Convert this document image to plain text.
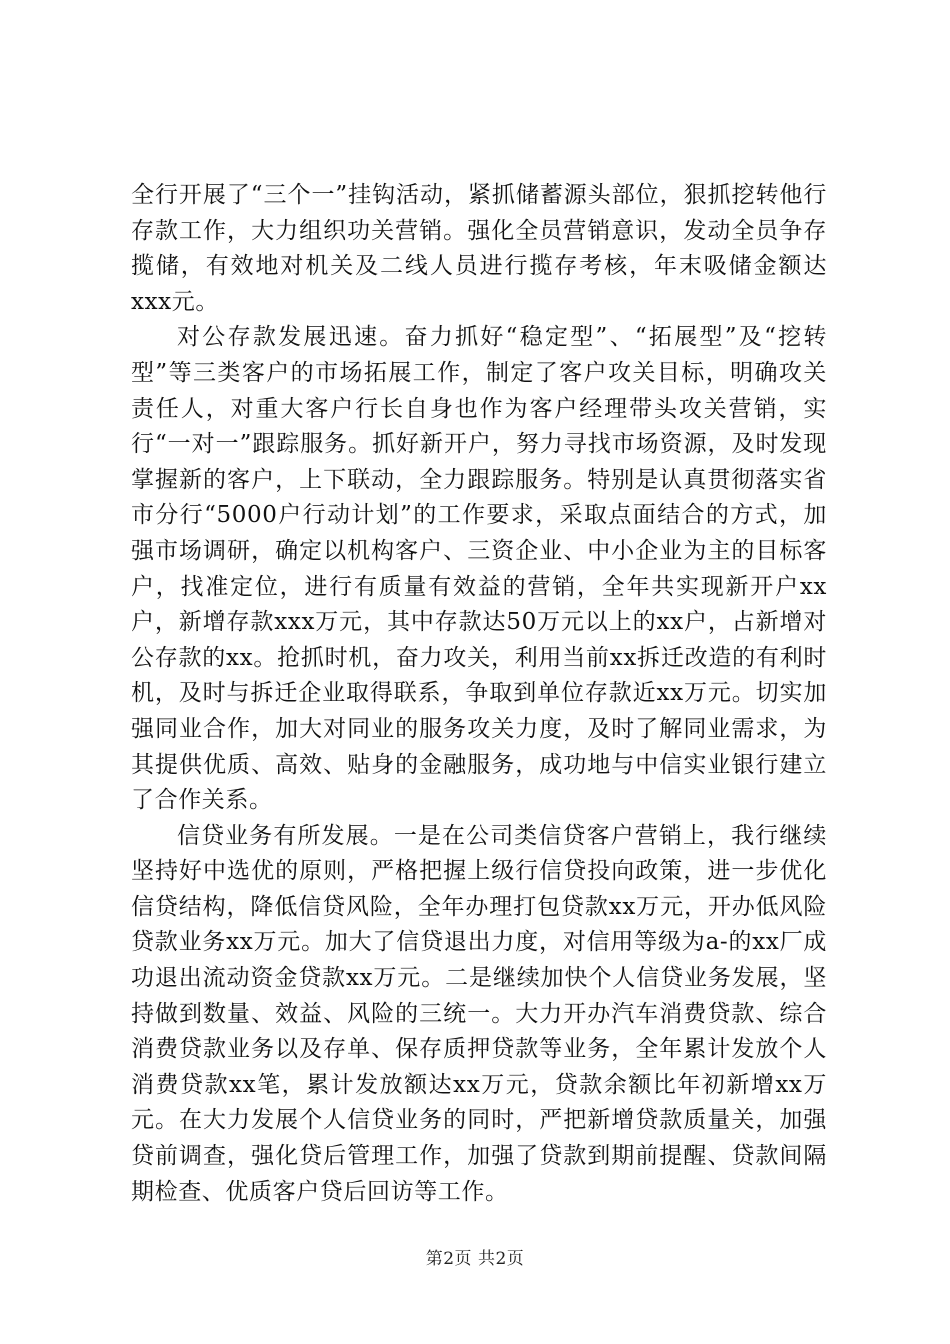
全行开展了“三个一”挂钩活动，紧抓储蓄源头部位，狠抓挖转他行存款工作，大力组织功关营销。强化全员营销意识，发动全员争存揽储，有效地对机关及二线人员进行揽存考核，年末吸储金额达xxx元。

对公存款发展迅速。奋力抓好“稳定型”、“拓展型”及“挖转型”等三类客户的市场拓展工作，制定了客户攻关目标，明确攻关责任人，对重大客户行长自身也作为客户经理带头攻关营销，实行“一对一”跟踪服务。抓好新开户，努力寻找市场资源，及时发现掌握新的客户，上下联动，全力跟踪服务。特别是认真贯彻落实省市分行“5000户行动计划”的工作要求，采取点面结合的方式，加强市场调研，确定以机构客户、三资企业、中小企业为主的目标客户，找准定位，进行有质量有效益的营销，全年共实现新开户xx户，新增存款xxx万元，其中存款达50万元以上的xx户，占新增对公存款的xx。抢抓时机，奋力攻关，利用当前xx拆迁改造的有利时机，及时与拆迁企业取得联系，争取到单位存款近xx万元。切实加强同业合作，加大对同业的服务攻关力度，及时了解同业需求，为其提供优质、高效、贴身的金融服务，成功地与中信实业银行建立了合作关系。

信贷业务有所发展。一是在公司类信贷客户营销上，我行继续坚持好中选优的原则，严格把握上级行信贷投向政策，进一步优化信贷结构，降低信贷风险，全年办理打包贷款xx万元，开办低风险贷款业务xx万元。加大了信贷退出力度，对信用等级为a-的xx厂成功退出流动资金贷款xx万元。二是继续加快个人信贷业务发展，坚持做到数量、效益、风险的三统一。大力开办汽车消费贷款、综合消费贷款业务以及存单、保存质押贷款等业务，全年累计发放个人消费贷款xx笔，累计发放额达xx万元，贷款余额比年初新增xx万元。在大力发展个人信贷业务的同时，严把新增贷款质量关，加强贷前调查，强化贷后管理工作，加强了贷款到期前提醒、贷款间隔期检查、优质客户贷后回访等工作。

第2页 共2页
